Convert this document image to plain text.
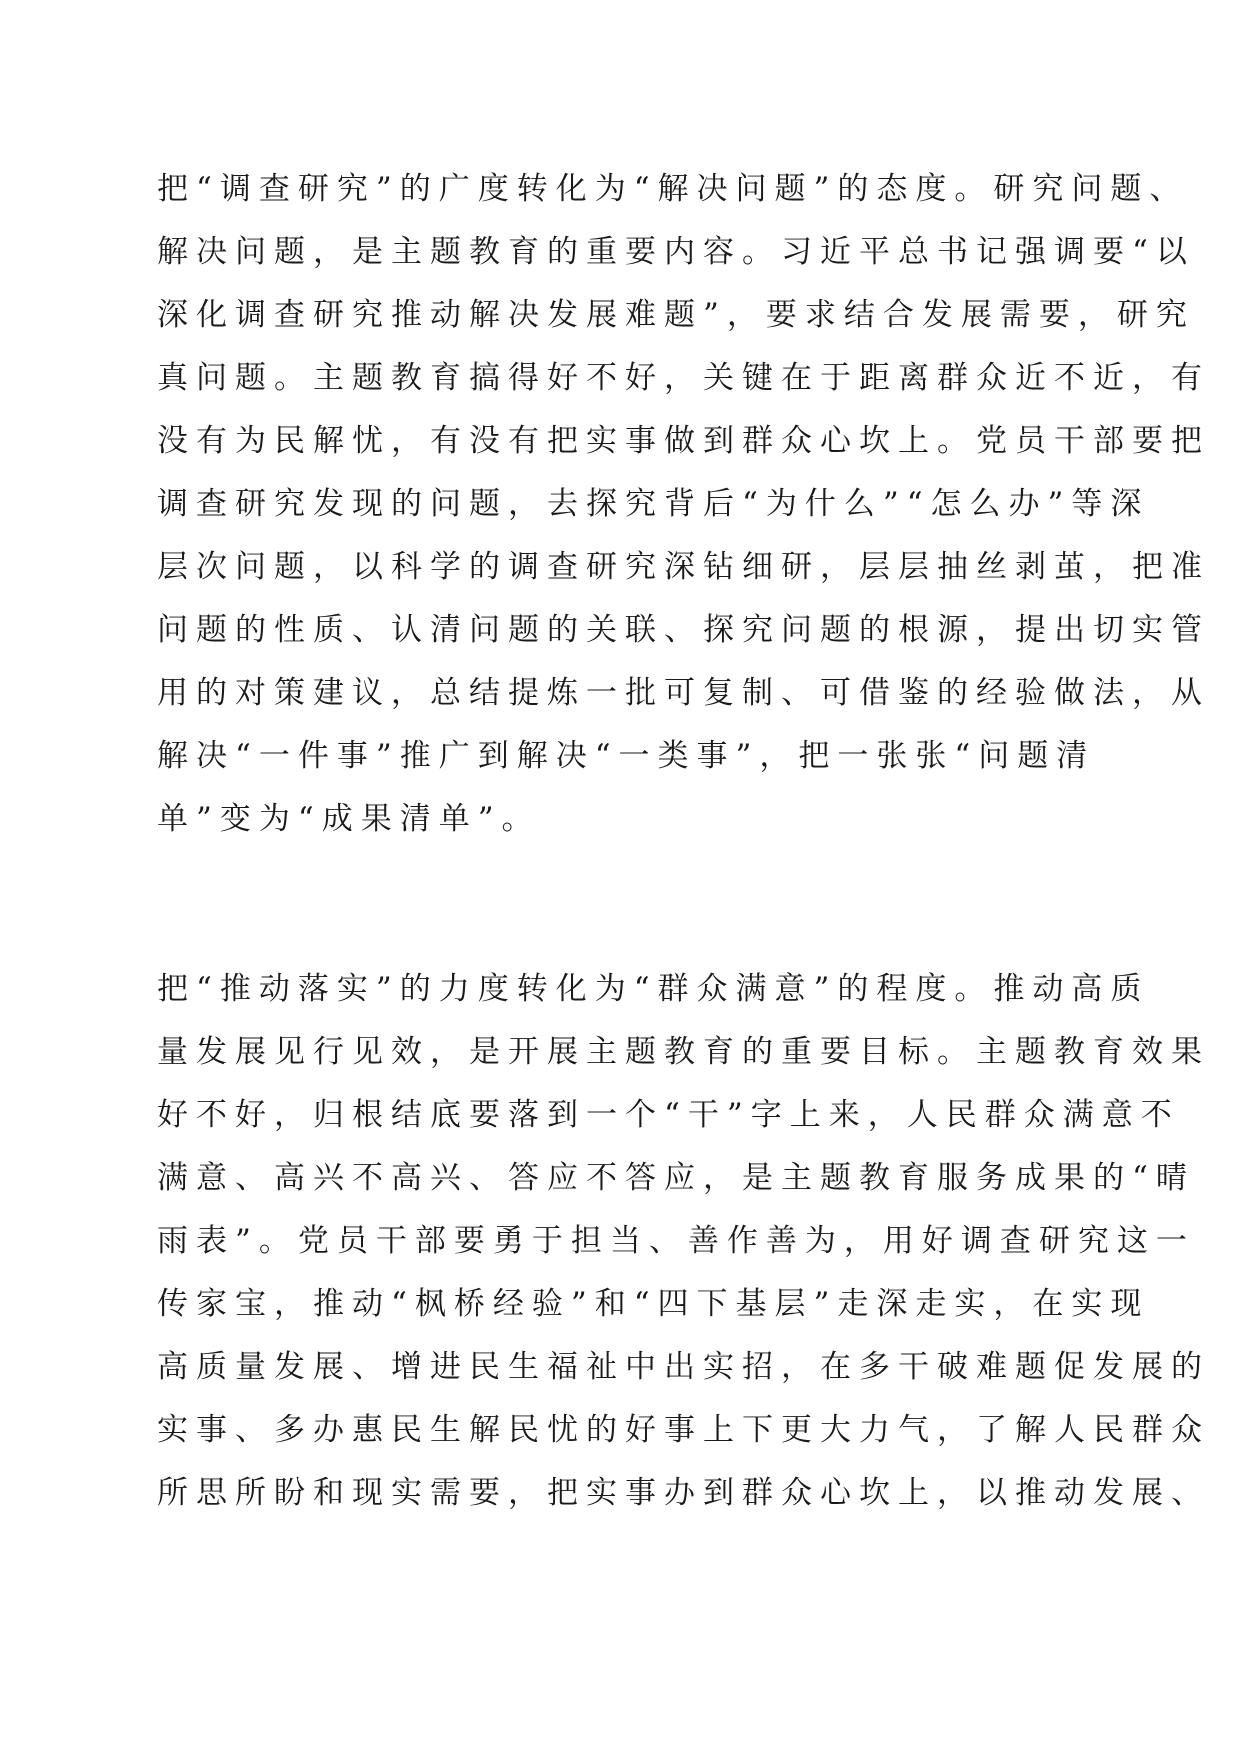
把“调查研究”的广度转化为“解决问题”的态度。研究问题、

解决问题，是主题教育的重要内容。习近平总书记强调要“以

深化调查研究推动解决发展难题”，要求结合发展需要，研究

真问题。主题教育搞得好不好，关键在于距离群众近不近，有

没有为民解忧，有没有把实事做到群众心坎上。党员干部要把

调查研究发现的问题，去探究背后“为什么”“怎么办”等深

层次问题，以科学的调查研究深钻细研，层层抽丝剥茧，把准

问题的性质、认清问题的关联、探究问题的根源，提出切实管

用的对策建议，总结提炼一批可复制、可借鉴的经验做法，从

解决“一件事”推广到解决“一类事”，把一张张“问题清

单”变为“成果清单”。

把“推动落实”的力度转化为“群众满意”的程度。推动高质

量发展见行见效，是开展主题教育的重要目标。主题教育效果

好不好，归根结底要落到一个“干”字上来，人民群众满意不

满意、高兴不高兴、答应不答应，是主题教育服务成果的“晴

雨表”。党员干部要勇于担当、善作善为，用好调查研究这一

传家宝，推动“枫桥经验”和“四下基层”走深走实，在实现

高质量发展、增进民生福祉中出实招，在多干破难题促发展的

实事、多办惠民生解民忧的好事上下更大力气，了解人民群众

所思所盼和现实需要，把实事办到群众心坎上，以推动发展、
